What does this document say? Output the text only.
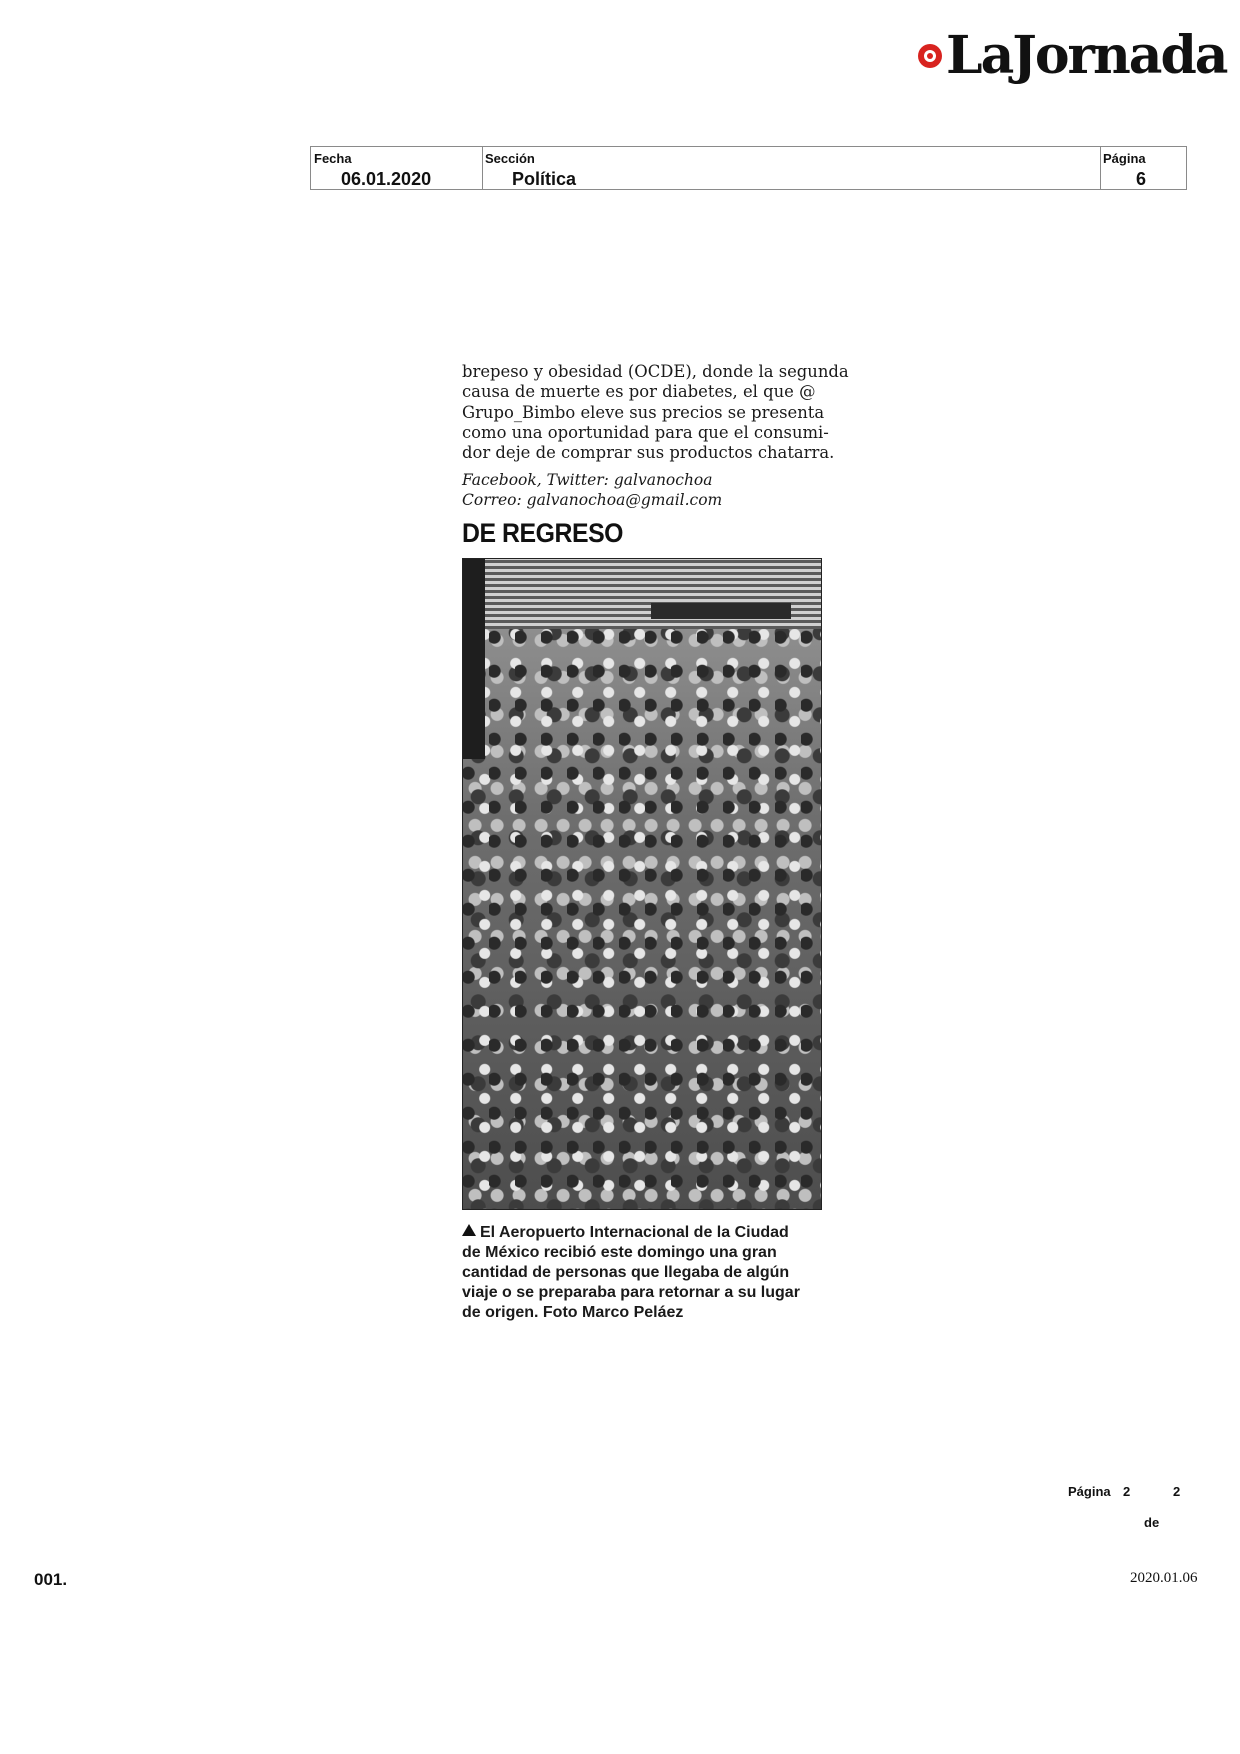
LaJornada
Fecha
06.01.2020
Sección
Política
Página
6

brepeso y obesidad (OCDE), donde la segunda
causa de muerte es por diabetes, el que @
Grupo_Bimbo eleve sus precios se presenta
como una oportunidad para que el consumi-
dor deje de comprar sus productos chatarra.

Facebook, Twitter: galvanochoa
Correo: galvanochoa@gmail.com
DE REGRESO
El Aeropuerto Internacional de la Ciudad
de México recibió este domingo una gran
cantidad de personas que llegaba de algún
viaje o se preparaba para retornar a su lugar
de origen. Foto Marco Peláez
Página 2	2
de
001.	2020.01.06
